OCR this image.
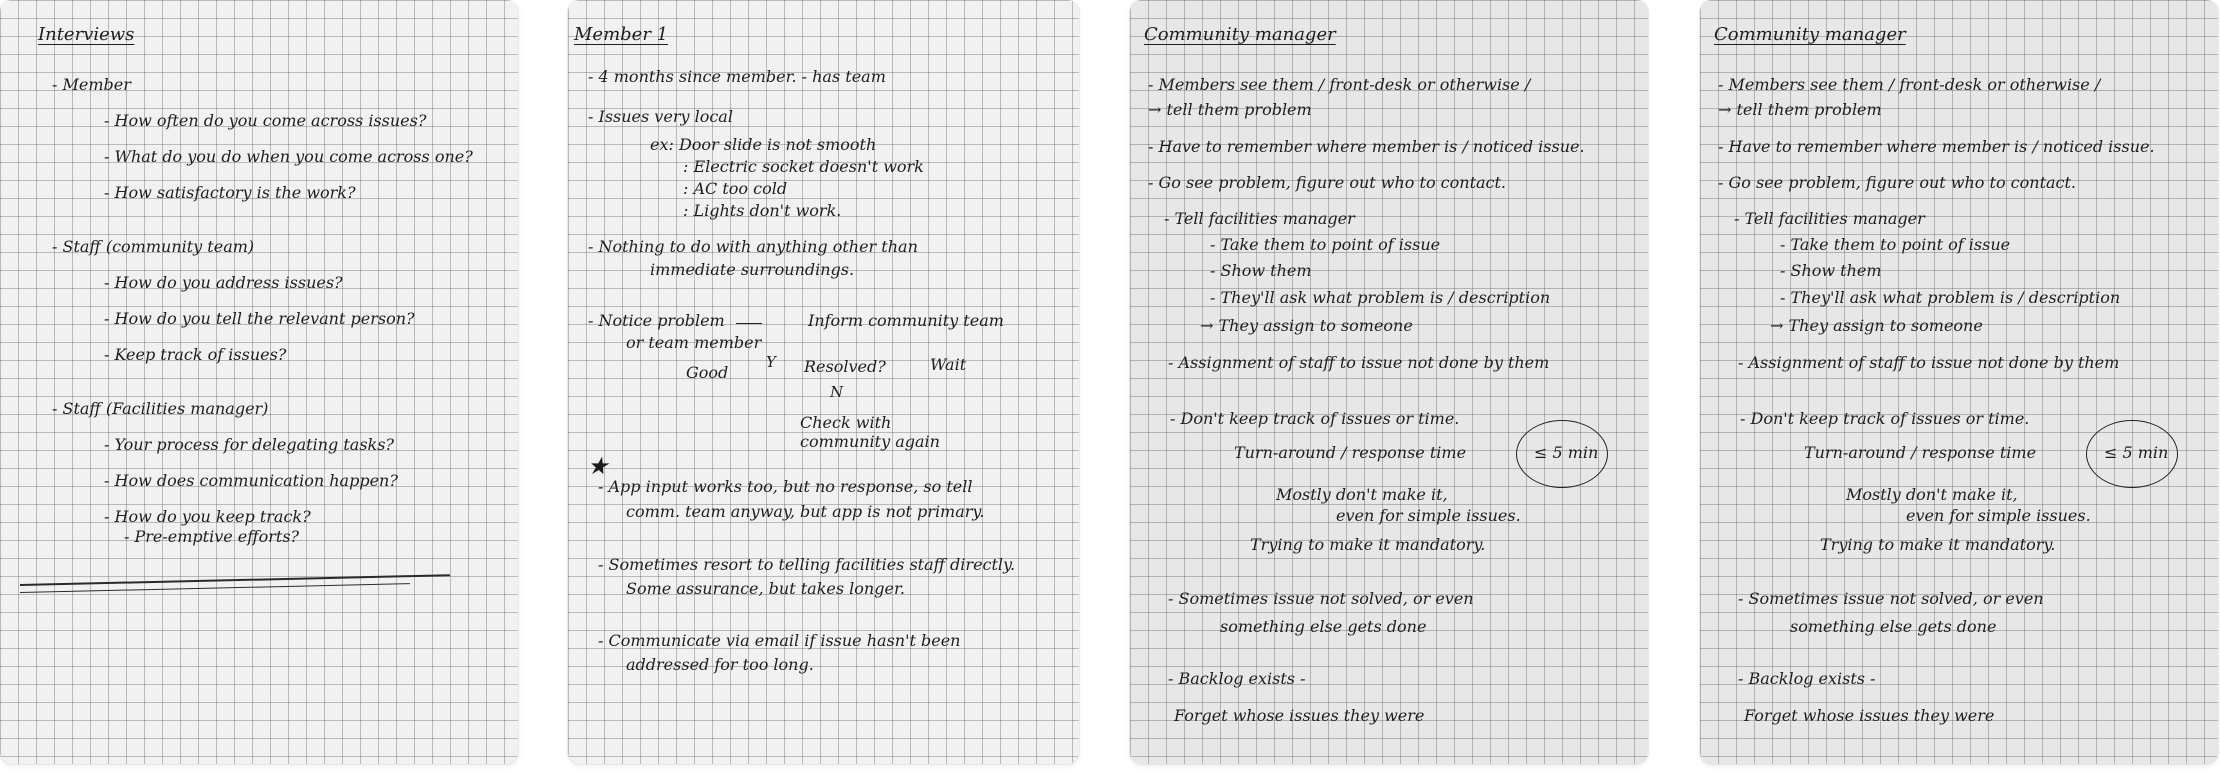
Interviews
- Member
- How often do you come across issues?
- What do you do when you come across one?
- How satisfactory is the work?
- Staff (community team)
- How do you address issues?
- How do you tell the relevant person?
- Keep track of issues?
- Staff (Facilities manager)
- Your process for delegating tasks?
- How does communication happen?
- How do you keep track?
- Pre-emptive efforts?
Member 1
- 4 months since member. - has team
- Issues very local
ex: Door slide is not smooth
: Electric socket doesn't work
: AC too cold
: Lights don't work.
- Nothing to do with anything other than
immediate surroundings.
- Notice problem
or team member
Inform community team
Resolved?	Wait
Good
Y
N
Check with
community again
★
- App input works too, but no response, so tell
comm. team anyway, but app is not primary.
- Sometimes resort to telling facilities staff directly.
Some assurance, but takes longer.
- Communicate via email if issue hasn't been
addressed for too long.
Community manager
- Members see them / front-desk or otherwise /
→ tell them problem
- Have to remember where member is / noticed issue.
- Go see problem, figure out who to contact.
- Tell facilities manager
- Take them to point of issue
- Show them
- They'll ask what problem is / description
→ They assign to someone
- Assignment of staff to issue not done by them
- Don't keep track of issues or time.
Turn-around / response time	≤ 5 min
Mostly don't make it,
even for simple issues.
Trying to make it mandatory.
- Sometimes issue not solved, or even
something else gets done
- Backlog exists -
Forget whose issues they were
Community manager
- Members see them / front-desk or otherwise /
→ tell them problem
- Have to remember where member is / noticed issue.
- Go see problem, figure out who to contact.
- Tell facilities manager
- Take them to point of issue
- Show them
- They'll ask what problem is / description
→ They assign to someone
- Assignment of staff to issue not done by them
- Don't keep track of issues or time.
Turn-around / response time	≤ 5 min
Mostly don't make it,
even for simple issues.
Trying to make it mandatory.
- Sometimes issue not solved, or even
something else gets done
- Backlog exists -
Forget whose issues they were
